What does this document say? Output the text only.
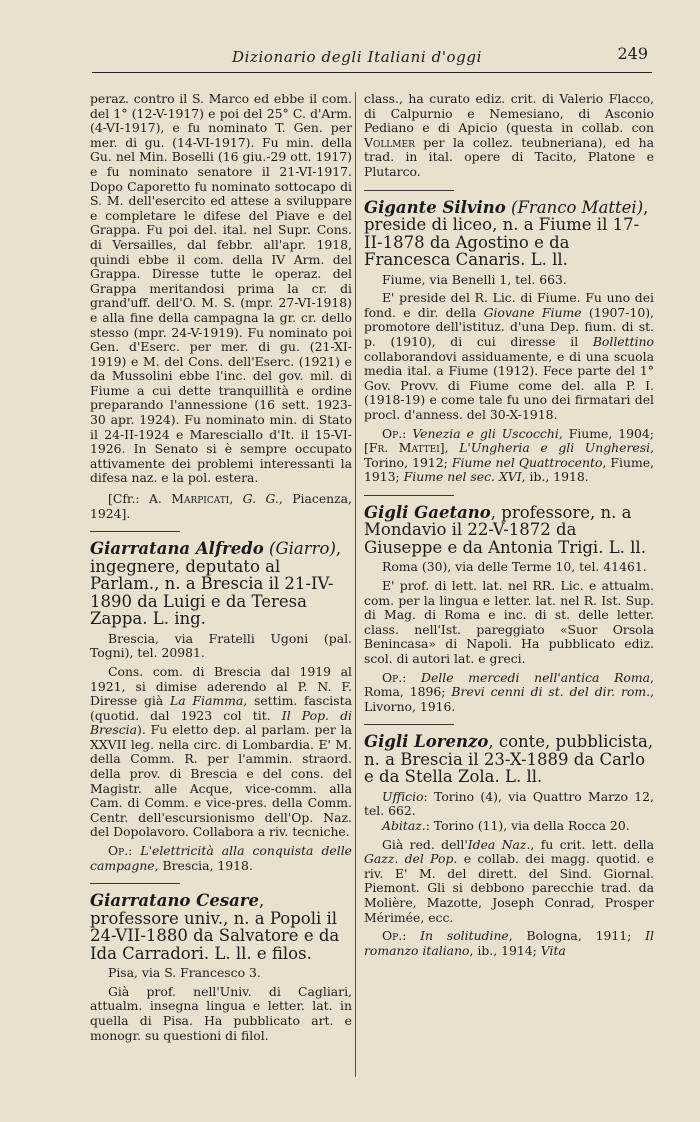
Dizionario degli Italiani d'oggi	249

peraz. contro il S. Marco ed ebbe il com. del 1° (12-V-1917) e poi del 25° C. d'Arm. (4-VI-1917), e fu nominato T. Gen. per mer. di gu. (14-VI-1917). Fu min. della Gu. nel Min. Boselli (16 giu.-29 ott. 1917) e fu nominato senatore il 21-VI-1917. Dopo Caporetto fu nominato sottocapo di S. M. dell'esercito ed attese a sviluppare e completare le difese del Piave e del Grappa. Fu poi del. ital. nel Supr. Cons. di Versailles, dal febbr. all'apr. 1918, quindi ebbe il com. della IV Arm. del Grappa. Diresse tutte le operaz. del Grappa meritandosi prima la cr. di grand'uff. dell'O. M. S. (mpr. 27-VI-1918) e alla fine della campagna la gr. cr. dello stesso (mpr. 24-V-1919). Fu nominato poi Gen. d'Eserc. per mer. di gu. (21-XI-1919) e M. del Cons. dell'Eserc. (1921) e da Mussolini ebbe l'inc. del gov. mil. di Fiume a cui dette tranquillità e ordine preparando l'annessione (16 sett. 1923-30 apr. 1924). Fu nominato min. di Stato il 24-II-1924 e Maresciallo d'It. il 15-VI-1926. In Senato si è sempre occupato attivamente dei problemi interessanti la difesa naz. e la pol. estera.

[Cfr.: A. Marpicati, G. G., Piacenza, 1924].

Giarratana Alfredo (Giarro), ingegnere, deputato al Parlam., n. a Brescia il 21-IV-1890 da Luigi e da Teresa Zappa. L. ing.

Brescia, via Fratelli Ugoni (pal. Togni), tel. 20981.

Cons. com. di Brescia dal 1919 al 1921, si dimise aderendo al P. N. F. Diresse già La Fiamma, settim. fascista (quotid. dal 1923 col tit. Il Pop. di Brescia). Fu eletto dep. al parlam. per la XXVII leg. nella circ. di Lombardia. E' M. della Comm. R. per l'ammin. straord. della prov. di Brescia e del cons. del Magistr. alle Acque, vice-comm. alla Cam. di Comm. e vice-pres. della Comm. Centr. dell'escursionismo dell'Op. Naz. del Dopolavoro. Collabora a riv. tecniche.

Op.: L'elettricità alla conquista delle campagne, Brescia, 1918.

Giarratano Cesare, professore univ., n. a Popoli il 24-VII-1880 da Salvatore e da Ida Carradori. L. ll. e filos.

Pisa, via S. Francesco 3.

Già prof. nell'Univ. di Cagliari, attualm. insegna lingua e letter. lat. in quella di Pisa. Ha pubblicato art. e monogr. su questioni di filol.

class., ha curato ediz. crit. di Valerio Flacco, di Calpurnio e Nemesiano, di Asconio Pediano e di Apicio (questa in collab. con Vollmer per la collez. teubneriana), ed ha trad. in ital. opere di Tacito, Platone e Plutarco.

Gigante Silvino (Franco Mattei), preside di liceo, n. a Fiume il 17-II-1878 da Agostino e da Francesca Canaris. L. ll.

Fiume, via Benelli 1, tel. 663.

E' preside del R. Lic. di Fiume. Fu uno dei fond. e dir. della Giovane Fiume (1907-10), promotore dell'istituz. d'una Dep. fium. di st. p. (1910), di cui diresse il Bollettino collaborandovi assiduamente, e di una scuola media ital. a Fiume (1912). Fece parte del 1° Gov. Provv. di Fiume come del. alla P. I. (1918-19) e come tale fu uno dei firmatari del procl. d'anness. del 30-X-1918.

Op.: Venezia e gli Uscocchi, Fiume, 1904; [Fr. Mattei], L'Ungheria e gli Ungheresi, Torino, 1912; Fiume nel Quattrocento, Fiume, 1913; Fiume nel sec. XVI, ib., 1918.

Gigli Gaetano, professore, n. a Mondavio il 22-V-1872 da Giuseppe e da Antonia Trigi. L. ll.

Roma (30), via delle Terme 10, tel. 41461.

E' prof. di lett. lat. nel RR. Lic. e attualm. com. per la lingua e letter. lat. nel R. Ist. Sup. di Mag. di Roma e inc. di st. delle letter. class. nell'Ist. pareggiato «Suor Orsola Benincasa» di Napoli. Ha pubblicato ediz. scol. di autori lat. e greci.

Op.: Delle mercedi nell'antica Roma, Roma, 1896; Brevi cenni di st. del dir. rom., Livorno, 1916.

Gigli Lorenzo, conte, pubblicista, n. a Brescia il 23-X-1889 da Carlo e da Stella Zola. L. ll.

Ufficio: Torino (4), via Quattro Marzo 12, tel. 662.

Abitaz.: Torino (11), via della Rocca 20.

Già red. dell'Idea Naz., fu crit. lett. della Gazz. del Pop. e collab. dei magg. quotid. e riv. E' M. del dirett. del Sind. Giornal. Piemont. Gli si debbono parecchie trad. da Molière, Mazotte, Joseph Conrad, Prosper Mérimée, ecc.

Op.: In solitudine, Bologna, 1911; Il romanzo italiano, ib., 1914; Vita
